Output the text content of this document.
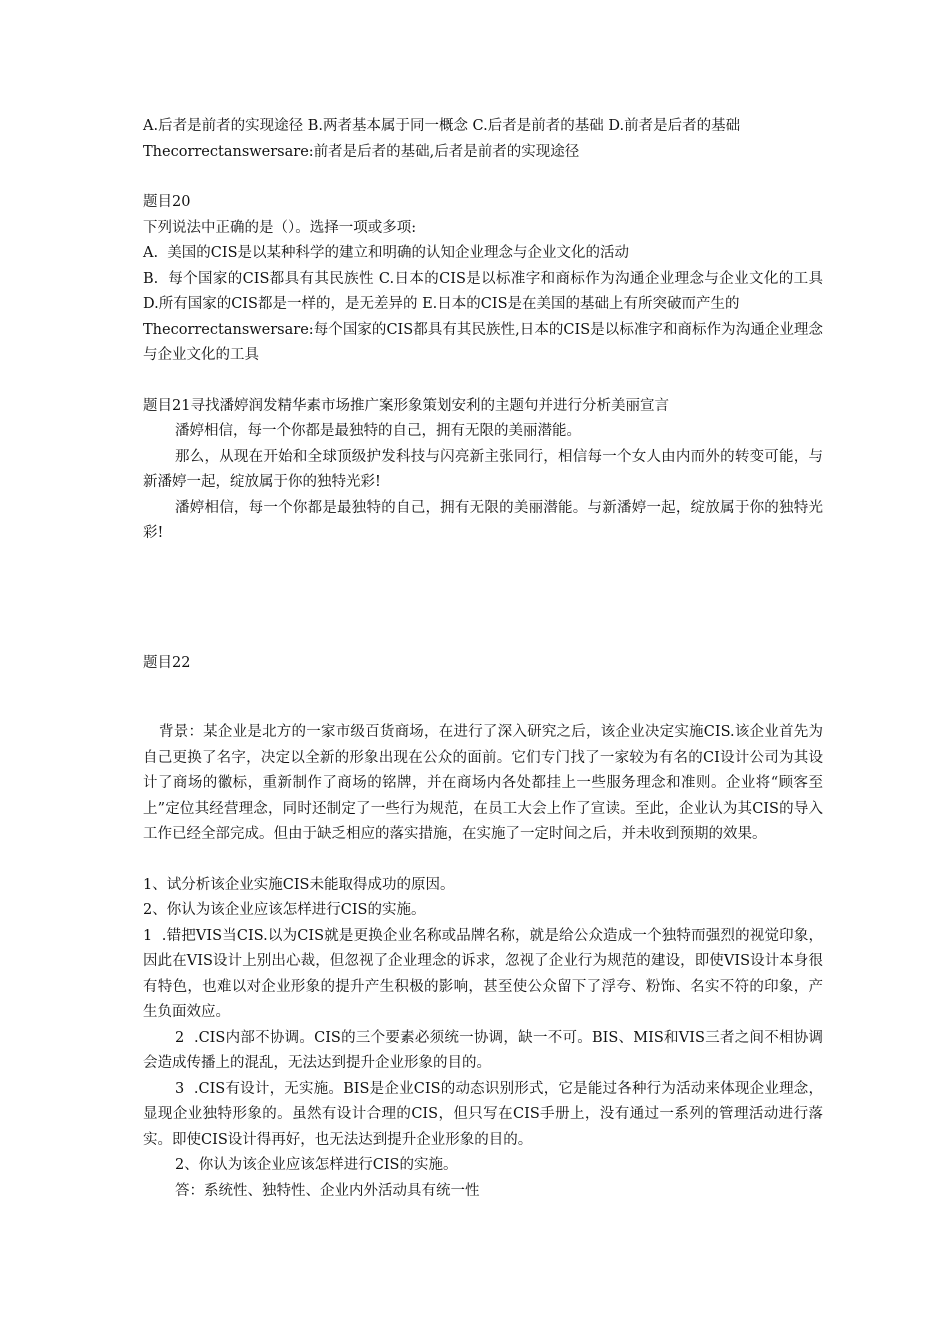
A.后者是前者的实现途径 B.两者基本属于同一概念 C.后者是前者的基础 D.前者是后者的基础
Thecorrectanswersare:前者是后者的基础,后者是前者的实现途径
题目20
下列说法中正确的是（）。选择一项或多项:
A.  美国的CIS是以某种科学的建立和明确的认知企业理念与企业文化的活动
B.  每个国家的CIS都具有其民族性 C.日本的CIS是以标准字和商标作为沟通企业理念与企业文化的工具 D.所有国家的CIS都是一样的，是无差异的 E.日本的CIS是在美国的基础上有所突破而产生的
Thecorrectanswersare:每个国家的CIS都具有其民族性,日本的CIS是以标准字和商标作为沟通企业理念与企业文化的工具
题目21寻找潘婷润发精华素市场推广案形象策划安利的主题句并进行分析美丽宣言
潘婷相信，每一个你都是最独特的自己，拥有无限的美丽潜能。
那么，从现在开始和全球顶级护发科技与闪亮新主张同行，相信每一个女人由内而外的转变可能，与新潘婷一起，绽放属于你的独特光彩!
潘婷相信，每一个你都是最独特的自己，拥有无限的美丽潜能。与新潘婷一起，绽放属于你的独特光彩!
题目22
背景：某企业是北方的一家市级百货商场，在进行了深入研究之后，该企业决定实施CIS.该企业首先为自己更换了名字，决定以全新的形象出现在公众的面前。它们专门找了一家较为有名的CI设计公司为其设计了商场的徽标，重新制作了商场的铭牌，并在商场内各处都挂上一些服务理念和准则。企业将“顾客至上”定位其经营理念，同时还制定了一些行为规范，在员工大会上作了宣读。至此，企业认为其CIS的导入工作已经全部完成。但由于缺乏相应的落实措施，在实施了一定时间之后，并未收到预期的效果。
1、试分析该企业实施CIS未能取得成功的原因。
2、你认为该企业应该怎样进行CIS的实施。
1  .错把VIS当CIS.以为CIS就是更换企业名称或品牌名称，就是给公众造成一个独特而强烈的视觉印象，因此在VIS设计上别出心裁，但忽视了企业理念的诉求，忽视了企业行为规范的建设，即使VIS设计本身很有特色，也难以对企业形象的提升产生积极的影响，甚至使公众留下了浮夸、粉饰、名实不符的印象，产生负面效应。
2  .CIS内部不协调。CIS的三个要素必须统一协调，缺一不可。BIS、MIS和VIS三者之间不相协调会造成传播上的混乱，无法达到提升企业形象的目的。
3  .CIS有设计，无实施。BIS是企业CIS的动态识别形式，它是能过各种行为活动来体现企业理念，显现企业独特形象的。虽然有设计合理的CIS，但只写在CIS手册上，没有通过一系列的管理活动进行落实。即使CIS设计得再好，也无法达到提升企业形象的目的。
2、你认为该企业应该怎样进行CIS的实施。
答：系统性、独特性、企业内外活动具有统一性
